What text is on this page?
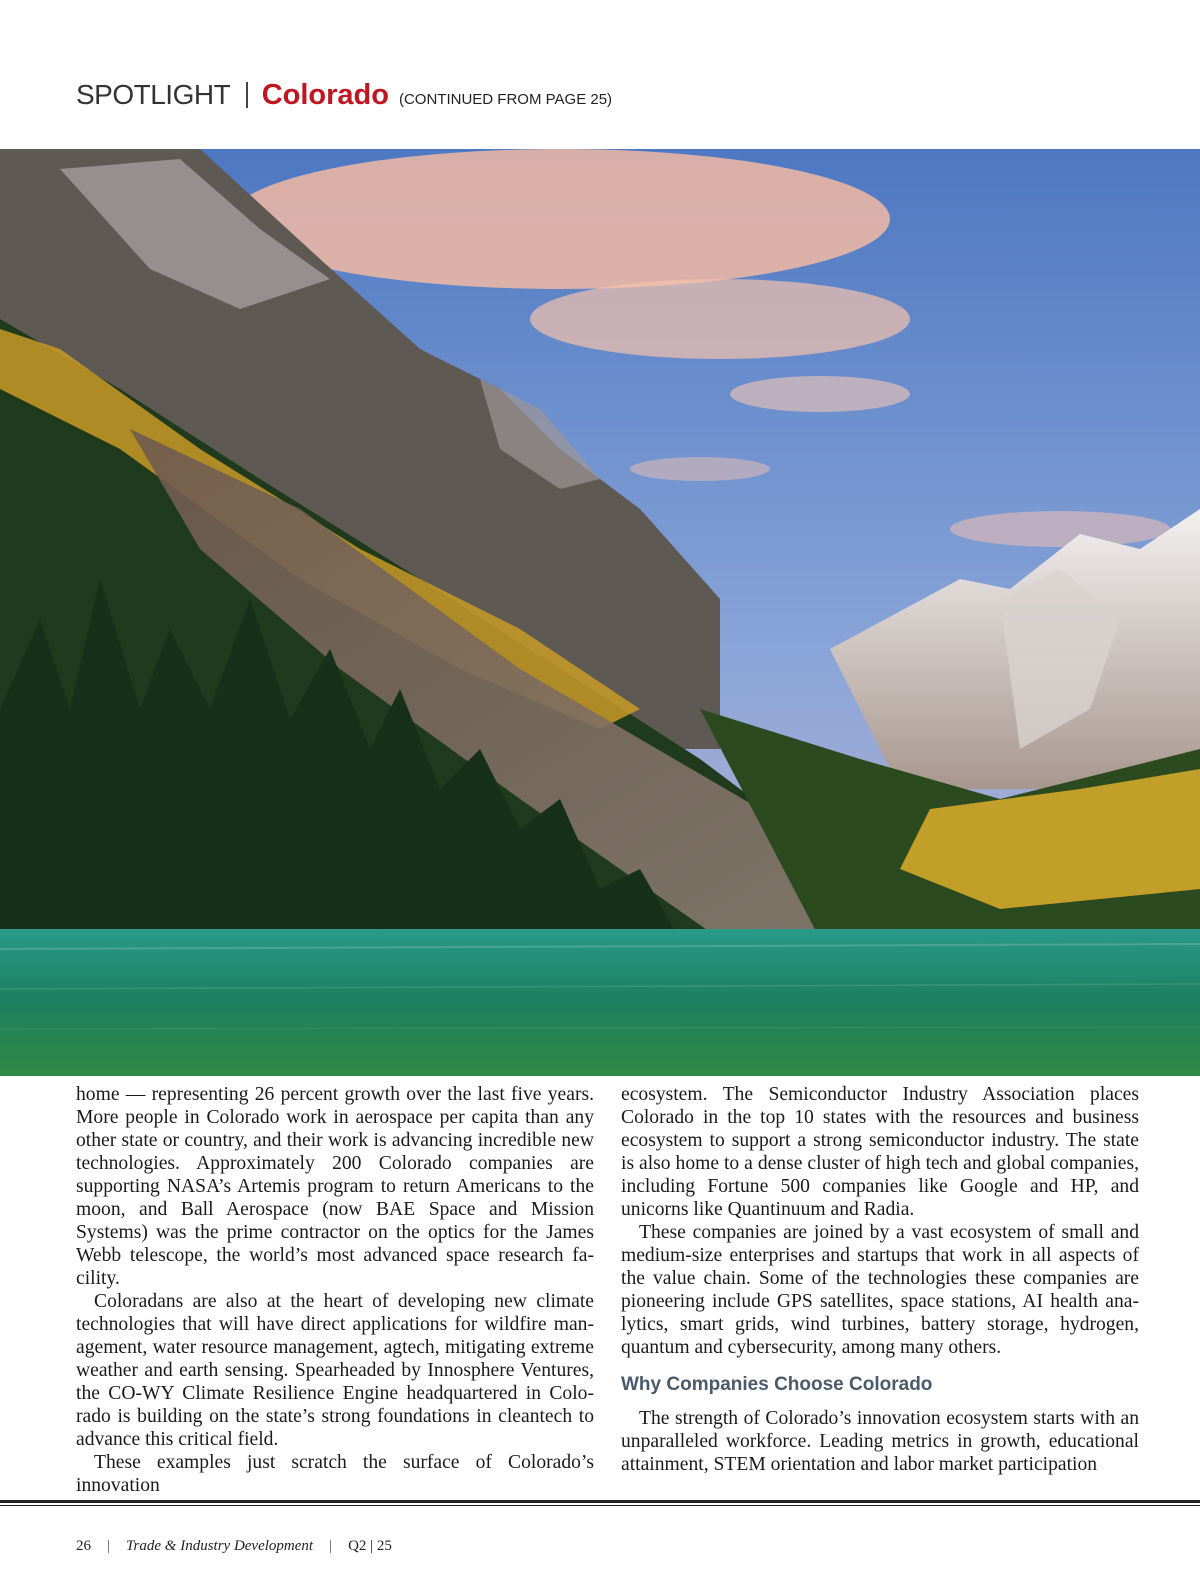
SPOTLIGHT Colorado (CONTINUED FROM PAGE 25)

home — representing 26 percent growth over the last five years. More people in Colorado work in aerospace per capita than any other state or country, and their work is advancing incredible new technologies. Approximately 200 Colorado companies are supporting NASA’s Artemis program to return Americans to the moon, and Ball Aerospace (now BAE Space and Mission Systems) was the prime contractor on the optics for the James Webb telescope, the world’s most advanced space research facility.

Coloradans are also at the heart of developing new climate technologies that will have direct applications for wildfire management, water resource management, agtech, mitigating extreme weather and earth sensing. Spearheaded by Innosphere Ventures, the CO-WY Climate Resilience Engine headquartered in Colorado is building on the state’s strong foundations in cleantech to advance this critical field.

These examples just scratch the surface of Colorado’s innovation

ecosystem. The Semiconductor Industry Association places Colorado in the top 10 states with the resources and business ecosystem to support a strong semiconductor industry. The state is also home to a dense cluster of high tech and global companies, including Fortune 500 companies like Google and HP, and unicorns like Quantinuum and Radia.

These companies are joined by a vast ecosystem of small and medium-size enterprises and startups that work in all aspects of the value chain. Some of the technologies these companies are pioneering include GPS satellites, space stations, AI health analytics, smart grids, wind turbines, battery storage, hydrogen, quantum and cybersecurity, among many others.

Why Companies Choose Colorado

The strength of Colorado’s innovation ecosystem starts with an unparalleled workforce. Leading metrics in growth, educational attainment, STEM orientation and labor market participation

26 | Trade & Industry Development | Q2 | 25
